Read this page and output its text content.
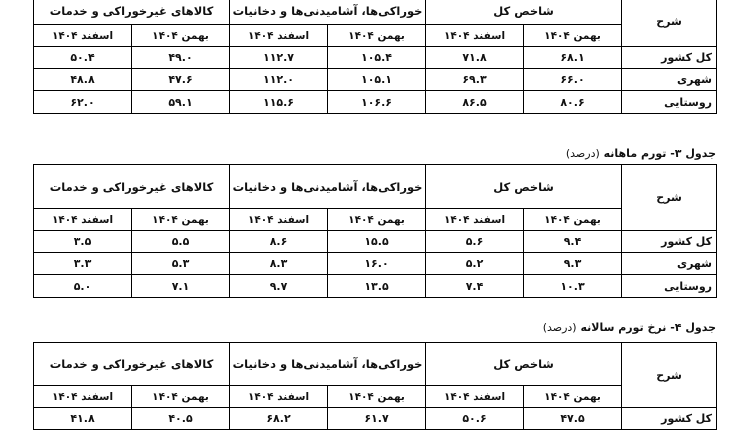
شرح	شاخص کل		خوراکی‌ها، آشامیدنی‌ها و دخانیات		کالاهای غیرخوراکی و خدمات	
	بهمن ۱۴۰۴	اسفند ۱۴۰۴	بهمن ۱۴۰۴	اسفند ۱۴۰۴	بهمن ۱۴۰۴	اسفند ۱۴۰۴
کل کشور	۶۸.۱	۷۱.۸	۱۰۵.۴	۱۱۲.۷	۴۹.۰	۵۰.۴
شهری	۶۶.۰	۶۹.۳	۱۰۵.۱	۱۱۲.۰	۴۷.۶	۴۸.۸
روستایی	۸۰.۶	۸۶.۵	۱۰۶.۶	۱۱۵.۶	۵۹.۱	۶۲.۰
جدول ۳- تورم ماهانه (درصد)
شرح	شاخص کل		خوراکی‌ها، آشامیدنی‌ها و دخانیات		کالاهای غیرخوراکی و خدمات	
	بهمن ۱۴۰۴	اسفند ۱۴۰۴	بهمن ۱۴۰۴	اسفند ۱۴۰۴	بهمن ۱۴۰۴	اسفند ۱۴۰۴
کل کشور	۹.۴	۵.۶	۱۵.۵	۸.۶	۵.۵	۳.۵
شهری	۹.۳	۵.۲	۱۶.۰	۸.۳	۵.۳	۳.۳
روستایی	۱۰.۳	۷.۴	۱۳.۵	۹.۷	۷.۱	۵.۰
جدول ۴- نرخ تورم سالانه (درصد)
شرح	شاخص کل		خوراکی‌ها، آشامیدنی‌ها و دخانیات		کالاهای غیرخوراکی و خدمات	
	بهمن ۱۴۰۴	اسفند ۱۴۰۴	بهمن ۱۴۰۴	اسفند ۱۴۰۴	بهمن ۱۴۰۴	اسفند ۱۴۰۴
کل کشور	۴۷.۵	۵۰.۶	۶۱.۷	۶۸.۲	۴۰.۵	۴۱.۸
